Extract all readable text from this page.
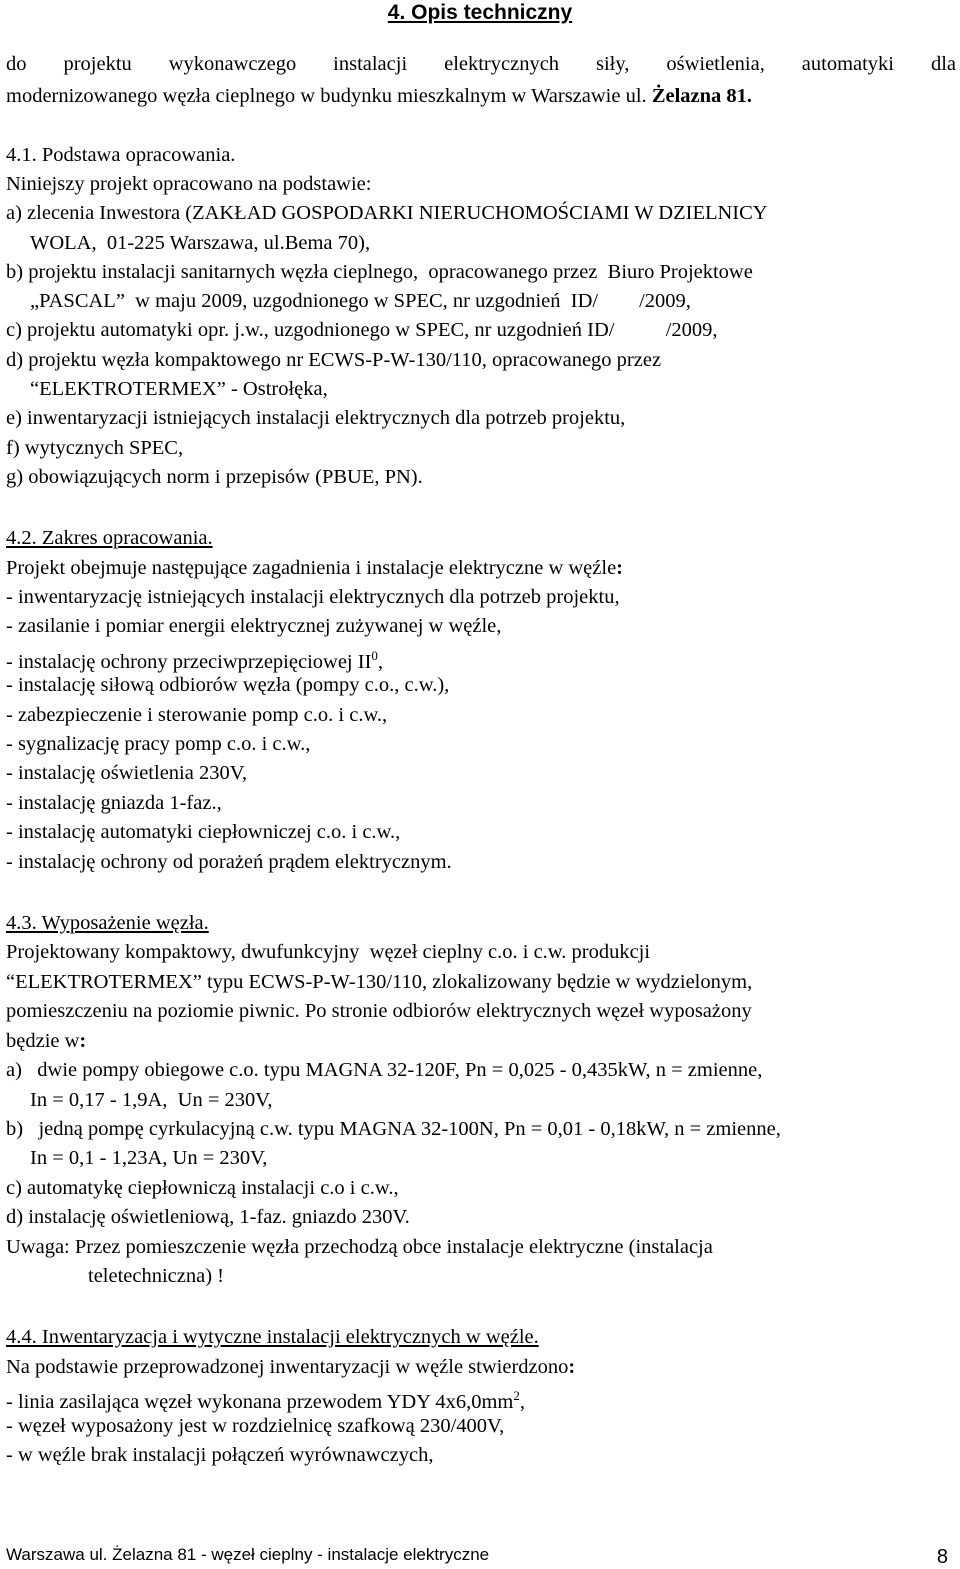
4. Opis techniczny
do projektu wykonawczego instalacji elektrycznych siły, oświetlenia, automatyki dla
modernizowanego węzła cieplnego w budynku mieszkalnym w Warszawie ul. Żelazna 81.
4.1. Podstawa opracowania.
Niniejszy projekt opracowano na podstawie:
a) zlecenia Inwestora (ZAKŁAD GOSPODARKI NIERUCHOMOŚCIAMI W DZIELNICY
WOLA,  01-225 Warszawa, ul.Bema 70),
b) projektu instalacji sanitarnych węzła cieplnego,  opracowanego przez  Biuro Projektowe
„PASCAL”  w maju 2009, uzgodnionego w SPEC, nr uzgodnień  ID/        /2009,
c) projektu automatyki opr. j.w., uzgodnionego w SPEC, nr uzgodnień ID/          /2009,
d) projektu węzła kompaktowego nr ECWS-P-W-130/110, opracowanego przez
“ELEKTROTERMEX” - Ostrołęka,
e) inwentaryzacji istniejących instalacji elektrycznych dla potrzeb projektu,
f) wytycznych SPEC,
g) obowiązujących norm i przepisów (PBUE, PN).
4.2. Zakres opracowania.
Projekt obejmuje następujące zagadnienia i instalacje elektryczne w węźle:
- inwentaryzację istniejących instalacji elektrycznych dla potrzeb projektu,
- zasilanie i pomiar energii elektrycznej zużywanej w węźle,
- instalację ochrony przeciwprzepięciowej $II^0$,
- instalację siłową odbiorów węzła (pompy c.o., c.w.),
- zabezpieczenie i sterowanie pomp c.o. i c.w.,
- sygnalizację pracy pomp c.o. i c.w.,
- instalację oświetlenia 230V,
- instalację gniazda 1-faz.,
- instalację automatyki ciepłowniczej c.o. i c.w.,
- instalację ochrony od porażeń prądem elektrycznym.
4.3. Wyposażenie węzła.
Projektowany kompaktowy, dwufunkcyjny  węzeł cieplny c.o. i c.w. produkcji
“ELEKTROTERMEX” typu ECWS-P-W-130/110, zlokalizowany będzie w wydzielonym,
pomieszczeniu na poziomie piwnic. Po stronie odbiorów elektrycznych węzeł wyposażony
będzie w:
a)   dwie pompy obiegowe c.o. typu MAGNA 32-120F, Pn = 0,025 - 0,435kW, n = zmienne,
In = 0,17 - 1,9A,  Un = 230V,
b)   jedną pompę cyrkulacyjną c.w. typu MAGNA 32-100N, Pn = 0,01 - 0,18kW, n = zmienne,
In = 0,1 - 1,23A, Un = 230V,
c) automatykę ciepłowniczą instalacji c.o i c.w.,
d) instalację oświetleniową, 1-faz. gniazdo 230V.
Uwaga: Przez pomieszczenie węzła przechodzą obce instalacje elektryczne (instalacja
teletechniczna) !
4.4. Inwentaryzacja i wytyczne instalacji elektrycznych w węźle.
Na podstawie przeprowadzonej inwentaryzacji w węźle stwierdzono:
- linia zasilająca węzeł wykonana przewodem YDY $4x6,0mm^2$,
- węzeł wyposażony jest w rozdzielnicę szafkową 230/400V,
- w węźle brak instalacji połączeń wyrównawczych,
Warszawa ul. Żelazna 81 - węzeł cieplny - instalacje elektryczne	8
